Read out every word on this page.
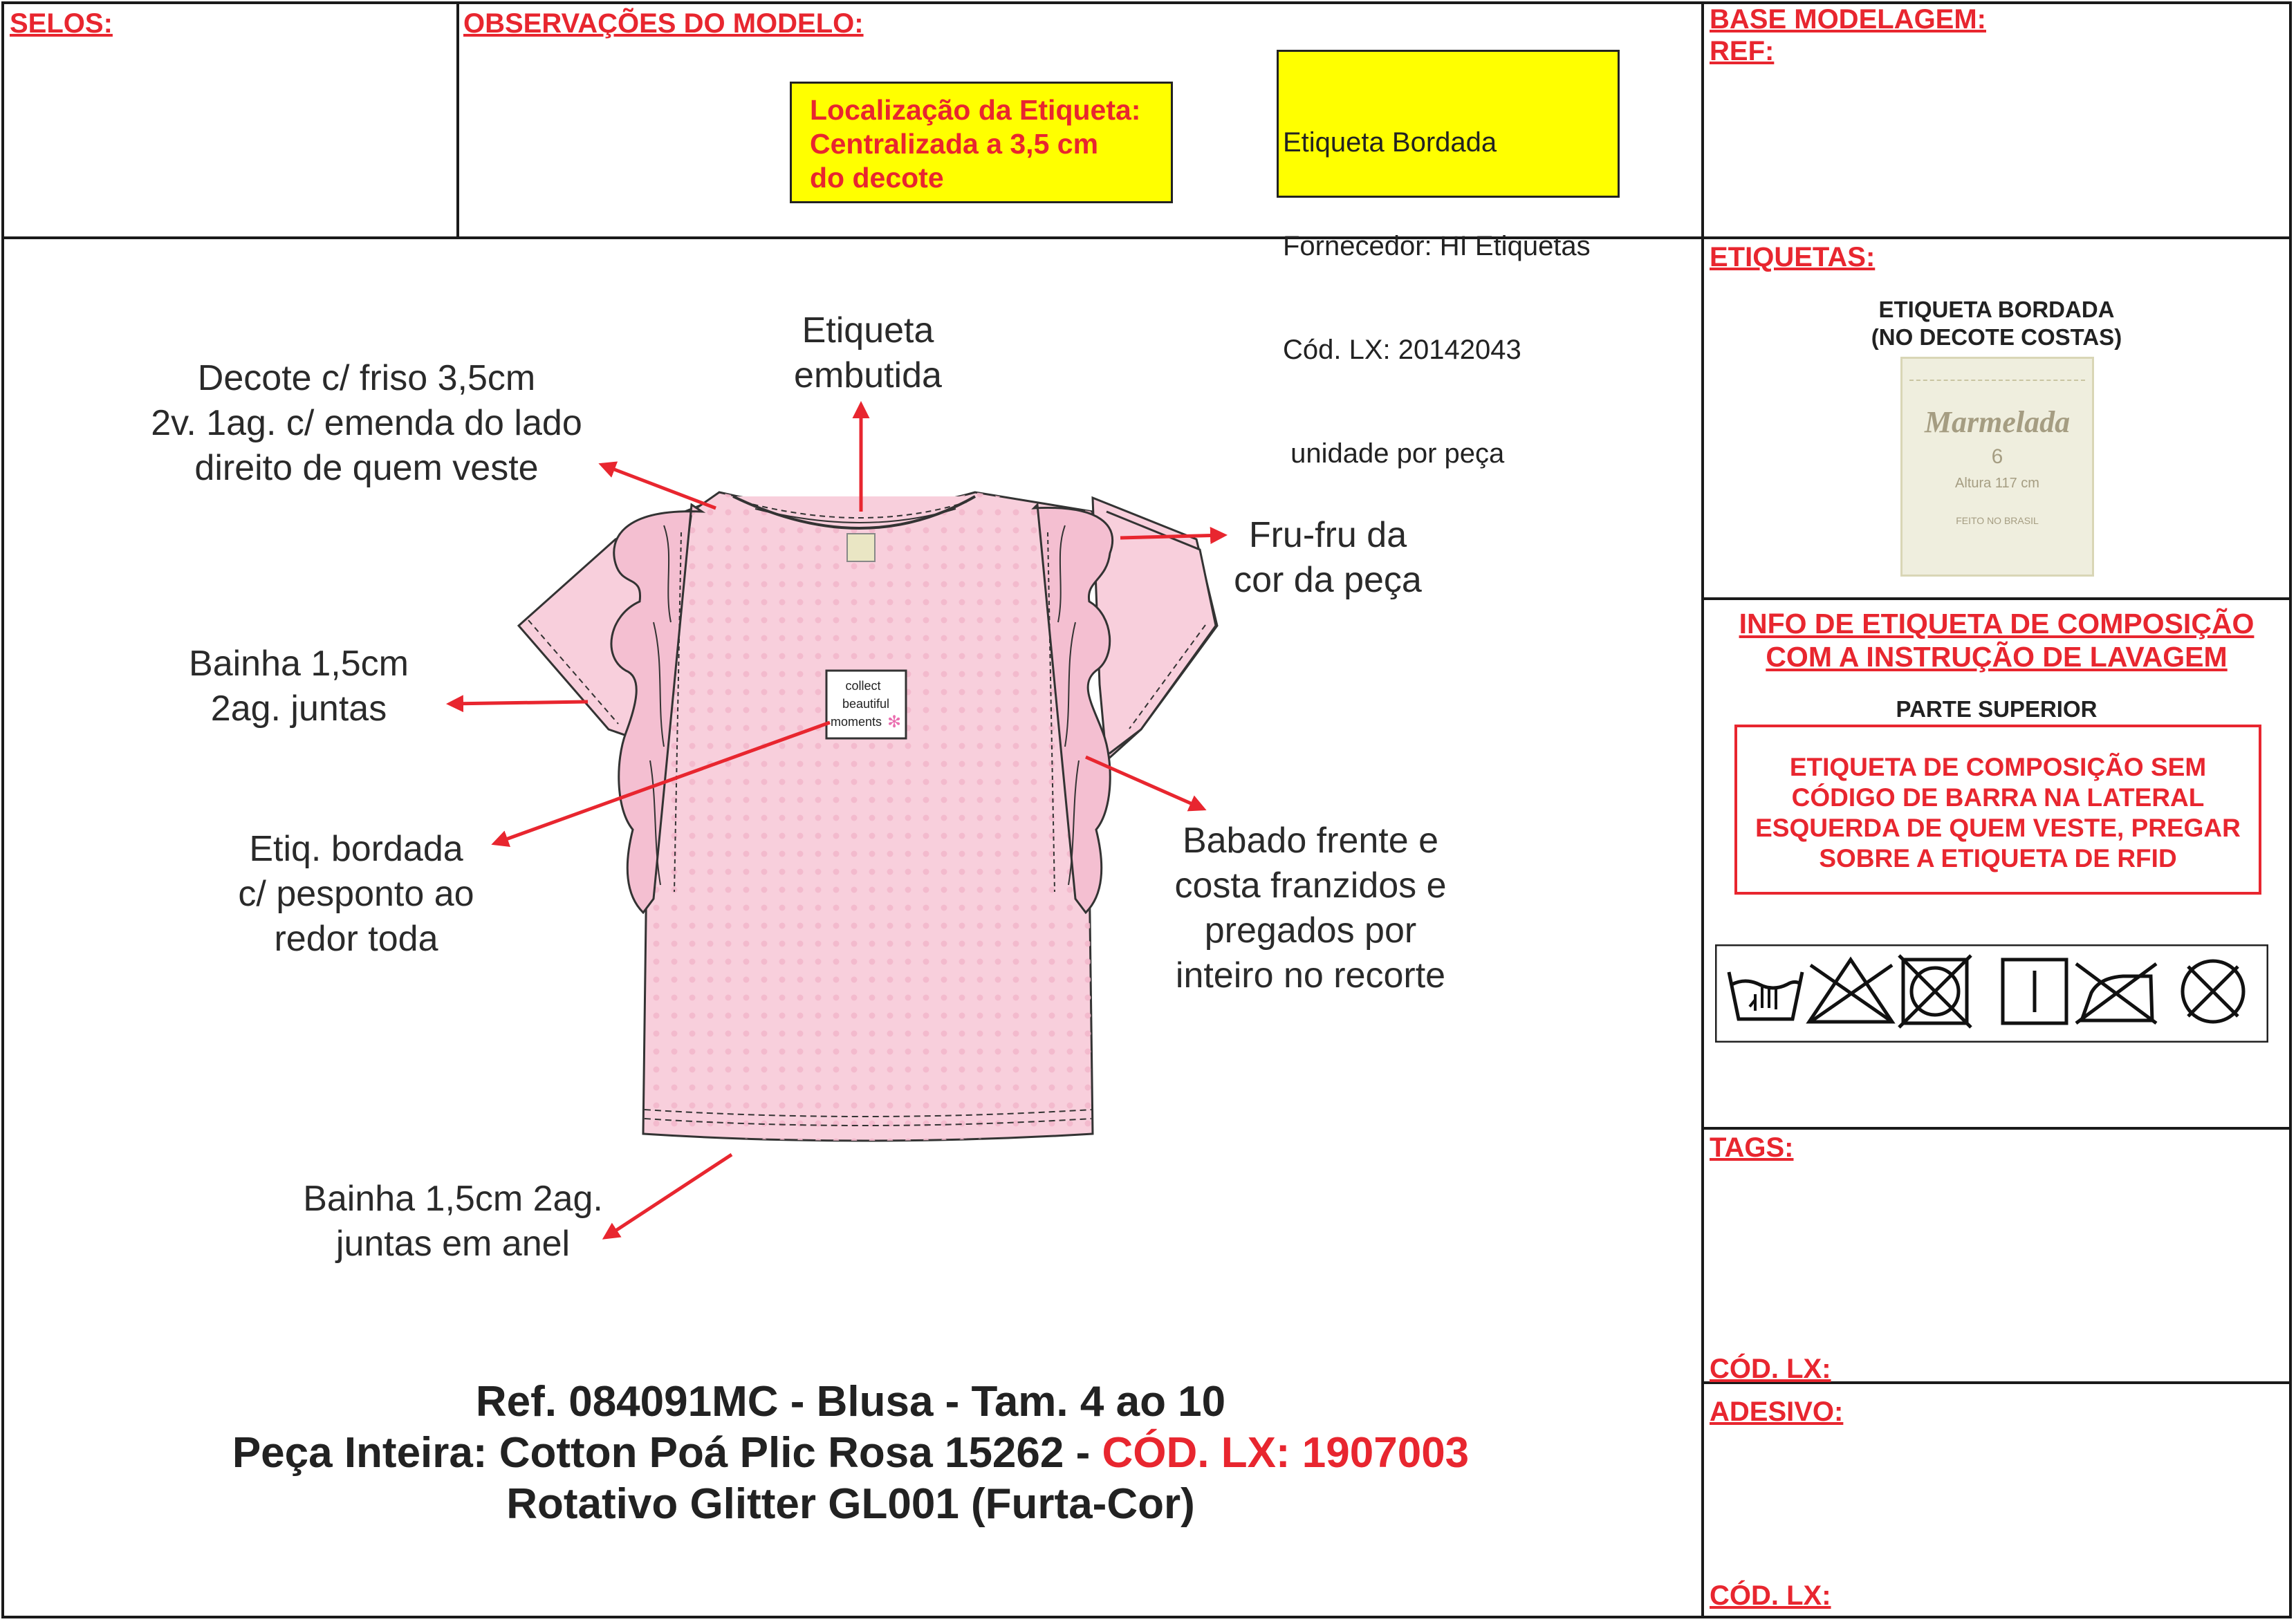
SELOS:	OBSERVAÇÕES DO MODELO:	BASE MODELAGEM:
REF:
Localização da Etiqueta:
Centralizada a 3,5 cm
do decote

Etiqueta Bordada

Fornecedor: HI Etiquetas

Cód. LX: 20142043

unidade por peça

collect
beautiful
moments ✻
Etiqueta
embutida
Decote c/ friso 3,5cm
2v. 1ag. c/ emenda do lado
direito de quem veste
Fru-fru da
cor da peça
Bainha 1,5cm
2ag. juntas
Etiq. bordada
c/ pesponto ao
redor toda
Babado frente e
costa franzidos e
pregados por
inteiro no recorte
Bainha 1,5cm 2ag.
juntas em anel
Ref. 084091MC - Blusa - Tam. 4 ao 10
Peça Inteira: Cotton Poá Plic Rosa 15262 - CÓD. LX: 1907003
Rotativo Glitter GL001 (Furta-Cor)
ETIQUETAS:
ETIQUETA BORDADA
(NO DECOTE COSTAS)
Marmelada
6
Altura 117 cm
FEITO NO BRASIL
INFO DE ETIQUETA DE COMPOSIÇÃO
COM A INSTRUÇÃO DE LAVAGEM
PARTE SUPERIOR
ETIQUETA DE COMPOSIÇÃO SEM
CÓDIGO DE BARRA NA LATERAL
ESQUERDA DE QUEM VESTE, PREGAR
SOBRE A ETIQUETA DE RFID
TAGS:
CÓD. LX:
ADESIVO:
CÓD. LX:
